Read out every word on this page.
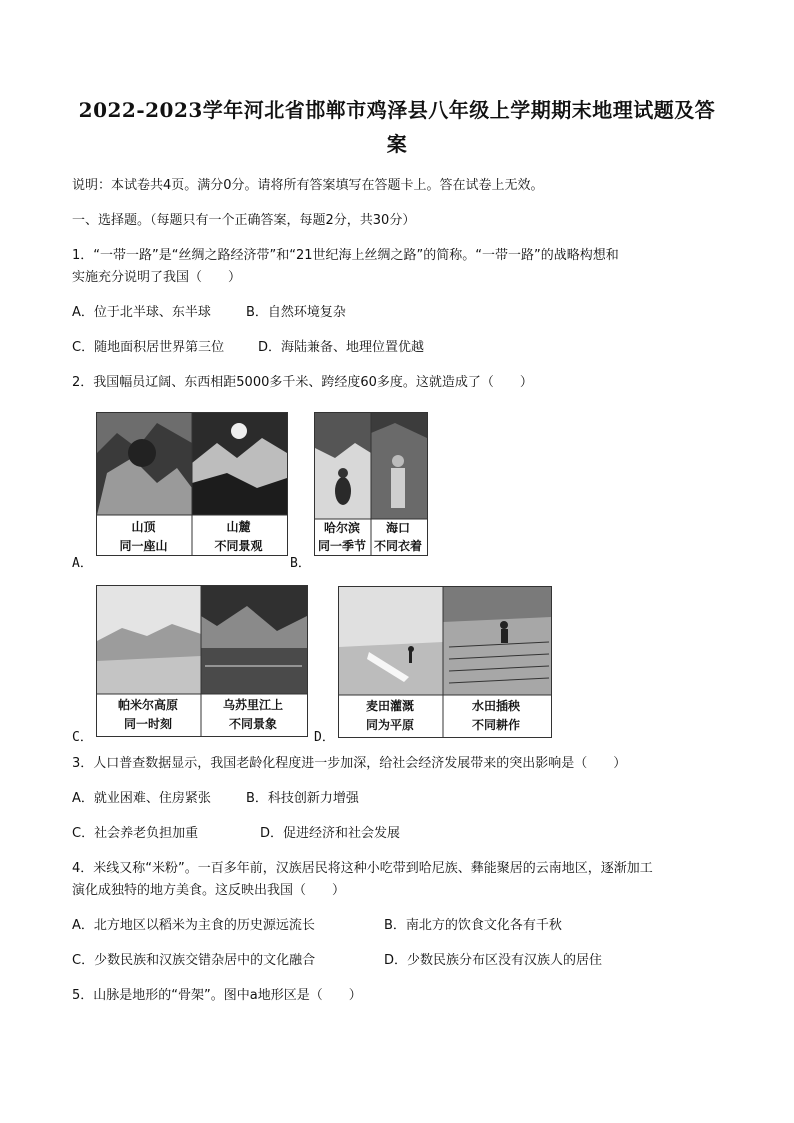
2022-2023学年河北省邯郸市鸡泽县八年级上学期期末地理试题及答
案
说明：本试卷共4页。满分0分。请将所有答案填写在答题卡上。答在试卷上无效。
一、选择题。（每题只有一个正确答案，每题2分，共30分）
1．“一带一路”是“丝绸之路经济带”和“21世纪海上丝绸之路”的简称。“一带一路”的战略构想和
实施充分说明了我国（　　）
A．位于北半球、东半球	B．自然环境复杂
C．随地面积居世界第三位	D．海陆兼备、地理位置优越
2．我国幅员辽阔、东西相距5000多千米、跨经度60多度。这就造成了（　　）
山顶	山麓
同一座山	不同景观
A．
哈尔滨	海口
同一季节 不同衣着
B．
帕米尔高原	乌苏里江上
同一时刻	不同景象
C．
麦田灌溉	水田插秧
同为平原	不同耕作
D．
3．人口普查数据显示，我国老龄化程度进一步加深，给社会经济发展带来的突出影响是（　　）
A．就业困难、住房紧张	B．科技创新力增强
C．社会养老负担加重	D．促进经济和社会发展
4．米线又称“米粉”。一百多年前，汉族居民将这种小吃带到哈尼族、彝能聚居的云南地区，逐渐加工
演化成独特的地方美食。这反映出我国（　　）
A．北方地区以稻米为主食的历史源远流长	B．南北方的饮食文化各有千秋
C．少数民族和汉族交错杂居中的文化融合	D．少数民族分布区没有汉族人的居住
5．山脉是地形的“骨架”。图中a地形区是（　　）
